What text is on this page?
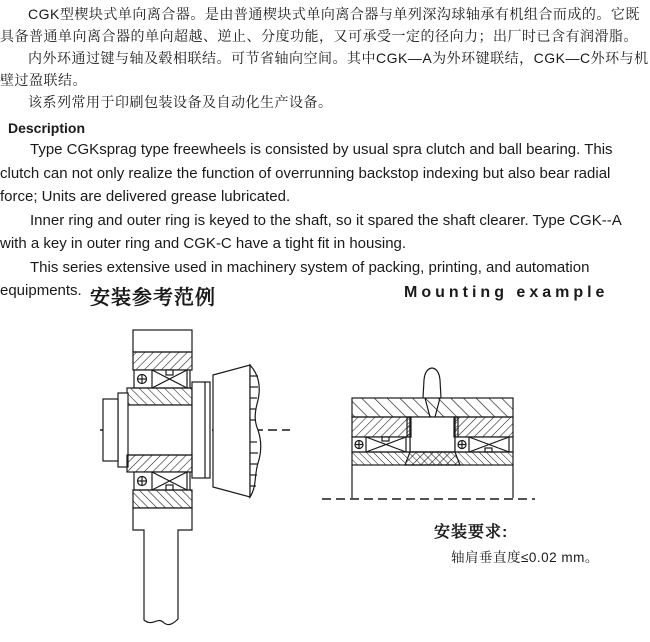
CGK型楔块式单向离合器。是由普通楔块式单向离合器与单列深沟球轴承有机组合而成的。它既具备普通单向离合器的单向超越、逆止、分度功能，又可承受一定的径向力；出厂时已含有润滑脂。

内外环通过键与轴及毂相联结。可节省轴向空间。其中CGK—A为外环键联结，CGK—C外环与机壁过盈联结。

该系列常用于印刷包装设备及自动化生产设备。

Description

Type CGKsprag type freewheels is consisted by usual spra clutch and ball bearing. This clutch can not only realize the function of overrunning backstop indexing but also bear radial force; Units are delivered grease lubricated.

Inner ring and outer ring is keyed to the shaft, so it spared the shaft clearer. Type CGK--A with a key in outer ring and CGK-C have a tight fit in housing.

This series extensive used in machinery system of packing, printing, and automation equipments. 安装参考范例	Mounting example
安装要求:
轴肩垂直度≤0.02 mm。
